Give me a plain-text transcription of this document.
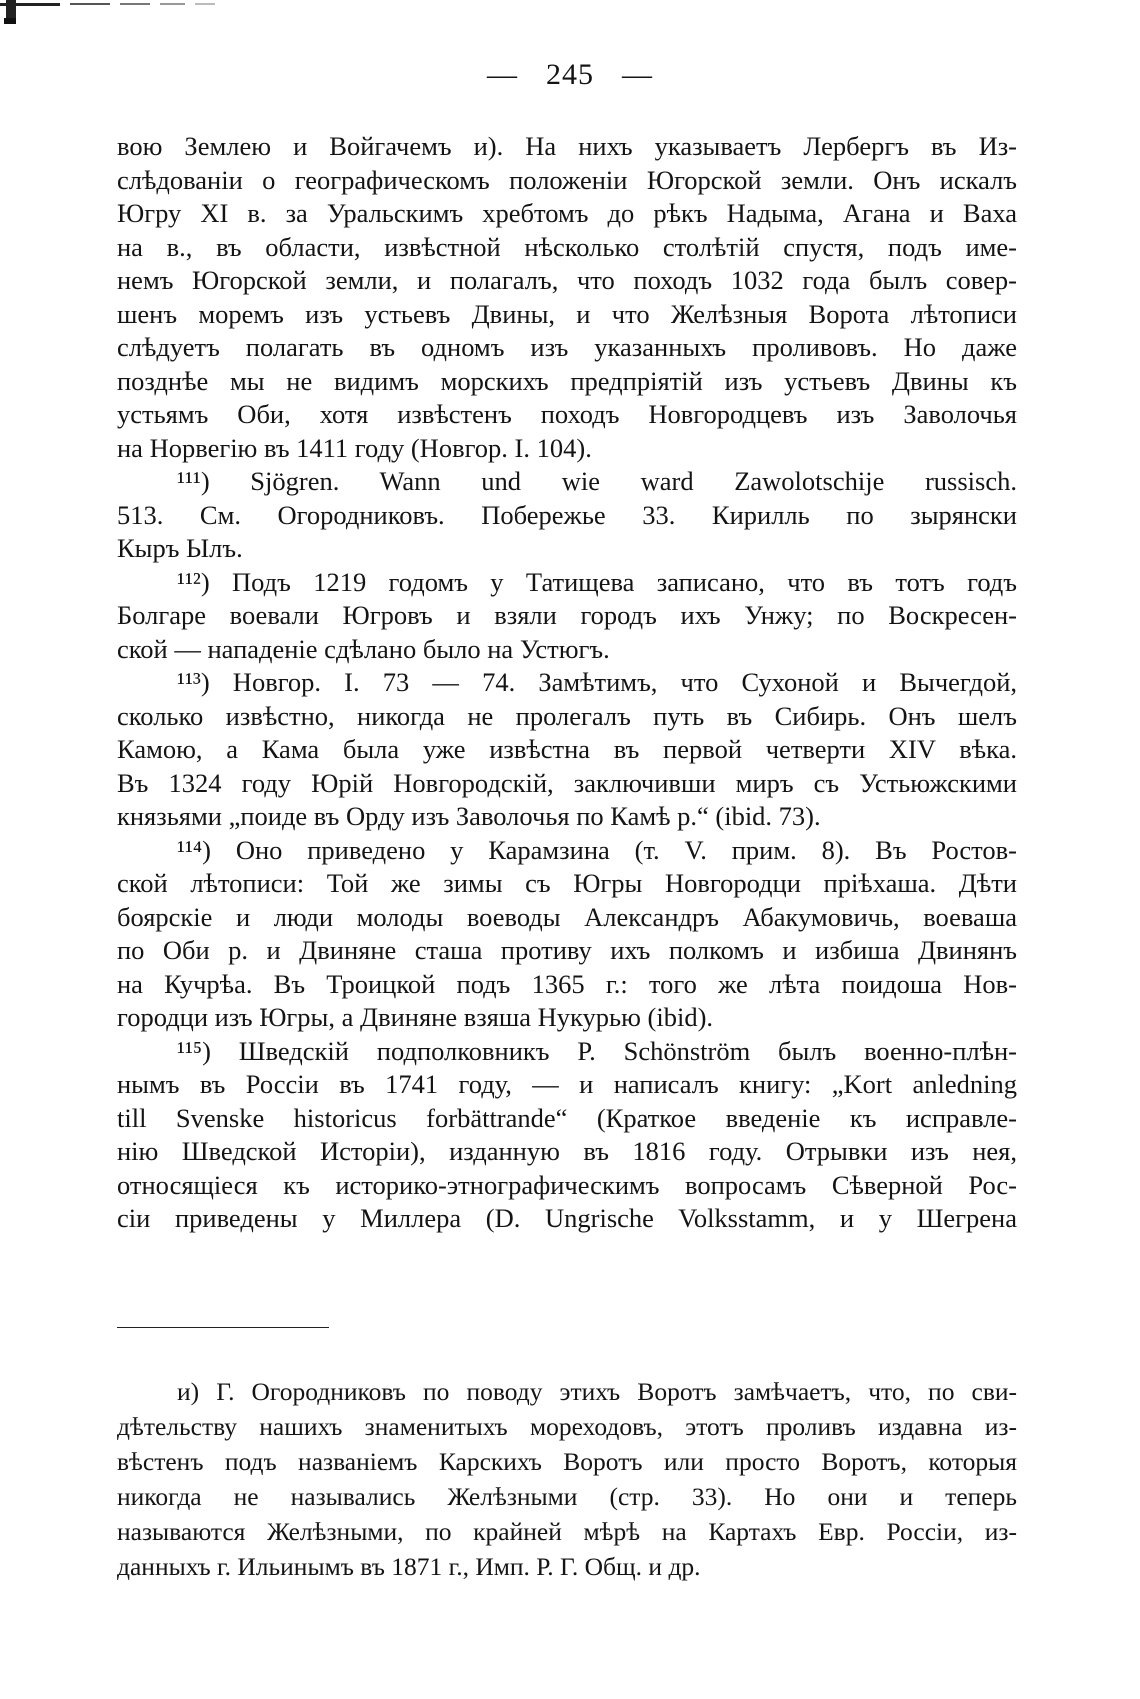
— 245 —
вою Землею и Войгачемъ и). На нихъ указываетъ Лербергъ въ Из-
слѣдованіи о географическомъ положеніи Югорской земли. Онъ искалъ
Югру XI в. за Уральскимъ хребтомъ до рѣкъ Надыма, Агана и Ваха
на в., въ области, извѣстной нѣсколько столѣтій спустя, подъ име-
немъ Югорской земли, и полагалъ, что походъ 1032 года былъ совер-
шенъ моремъ изъ устьевъ Двины, и что Желѣзныя Ворота лѣтописи
слѣдуетъ полагать въ одномъ изъ указанныхъ проливовъ. Но даже
позднѣе мы не видимъ морскихъ предпріятій изъ устьевъ Двины къ
устьямъ Оби, хотя извѣстенъ походъ Новгородцевъ изъ Заволочья
на Норвегію въ 1411 году (Новгор. I. 104).
¹¹¹) Sjögren. Wann und wie ward Zawolotschije russisch.
513. См. Огородниковъ. Побережье 33. Кирилль по зырянски
Кыръ Ылъ.
¹¹²) Подъ 1219 годомъ у Татищева записано, что въ тотъ годъ
Болгаре воевали Югровъ и взяли городъ ихъ Унжу; по Воскресен-
ской — нападеніе сдѣлано было на Устюгъ.
¹¹³) Новгор. I. 73 — 74. Замѣтимъ, что Сухоной и Вычегдой,
сколько извѣстно, никогда не пролегалъ путь въ Сибирь. Онъ шелъ
Камою, а Кама была уже извѣстна въ первой четверти XIV вѣка.
Въ 1324 году Юрій Новгородскій, заключивши миръ съ Устьюжскими
князьями „поиде въ Орду изъ Заволочья по Камѣ р.“ (ibid. 73).
¹¹⁴) Оно приведено у Карамзина (т. V. прим. 8). Въ Ростов-
ской лѣтописи: Той же зимы съ Югры Новгородци пріѣхаша. Дѣти
боярскіе и люди молоды воеводы Александръ Абакумовичь, воеваша
по Оби р. и Двиняне сташа противу ихъ полкомъ и избиша Двинянъ
на Кучрѣа. Въ Троицкой подъ 1365 г.: того же лѣта поидоша Нов-
городци изъ Югры, а Двиняне взяша Нукурью (ibid).
¹¹⁵) Шведскій подполковникъ P. Schönström былъ военно-плѣн-
нымъ въ Россіи въ 1741 году, — и написалъ книгу: „Kort anledning
till Svenske historicus forbättrande“ (Краткое введеніе къ исправле-
нію Шведской Исторіи), изданную въ 1816 году. Отрывки изъ нея,
относящіеся къ историко-этнографическимъ вопросамъ Сѣверной Рос-
сіи приведены у Миллера (D. Ungrische Volksstamm, и у Шегрена
и) Г. Огородниковъ по поводу этихъ Воротъ замѣчаетъ, что, по сви-
дѣтельству нашихъ знаменитыхъ мореходовъ, этотъ проливъ издавна из-
вѣстенъ подъ названіемъ Карскихъ Воротъ или просто Воротъ, которыя
никогда не назывались Желѣзными (стр. 33). Но они и теперь
называются Желѣзными, по крайней мѣрѣ на Картахъ Евр. Россіи, из-
данныхъ г. Ильинымъ въ 1871 г., Имп. Р. Г. Общ. и др.
